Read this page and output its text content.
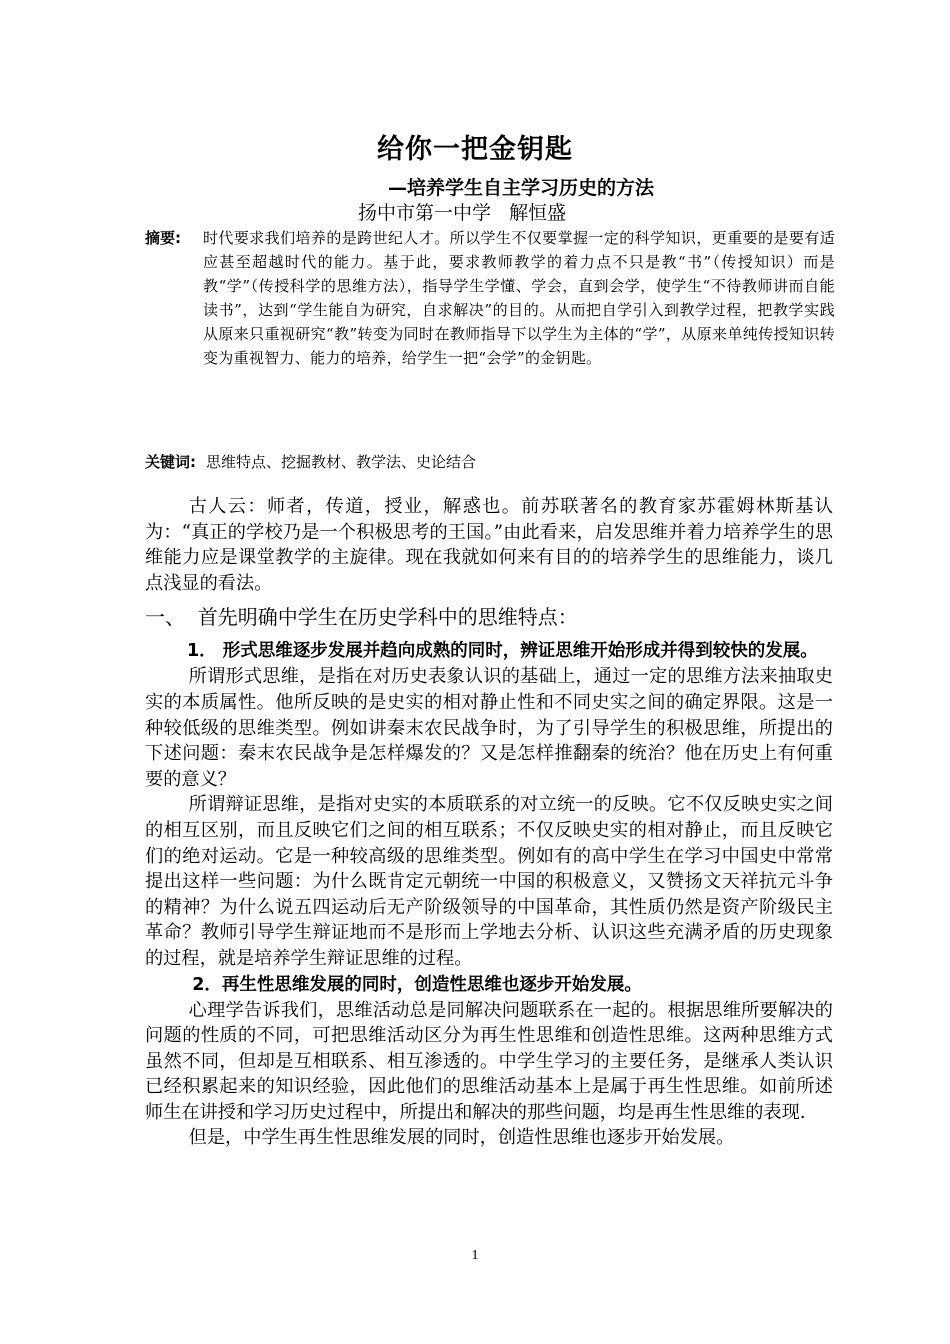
给你一把金钥匙
—培养学生自主学习历史的方法
扬中市第一中学   解恒盛
摘要: 时代要求我们培养的是跨世纪人才。所以学生不仅要掌握一定的科学知识，更重要的是要有适应甚至超越时代的能力。基于此，要求教师教学的着力点不只是教“书”（传授知识）而是教“学”（传授科学的思维方法），指导学生学懂、学会，直到会学，使学生“不待教师讲而自能读书”，达到“学生能自为研究，自求解决”的目的。从而把自学引入到教学过程，把教学实践从原来只重视研究“教”转变为同时在教师指导下以学生为主体的“学”，从原来单纯传授知识转变为重视智力、能力的培养，给学生一把“会学”的金钥匙。
关键词: 思维特点、挖掘教材、教学法、史论结合

古人云：师者，传道，授业，解惑也。前苏联著名的教育家苏霍姆林斯基认为：“真正的学校乃是一个积极思考的王国。”由此看来，启发思维并着力培养学生的思维能力应是课堂教学的主旋律。现在我就如何来有目的的培养学生的思维能力，谈几点浅显的看法。

一、  首先明确中学生在历史学科中的思维特点：
1． 形式思维逐步发展并趋向成熟的同时，辨证思维开始形成并得到较快的发展。

所谓形式思维，是指在对历史表象认识的基础上，通过一定的思维方法来抽取史实的本质属性。他所反映的是史实的相对静止性和不同史实之间的确定界限。这是一种较低级的思维类型。例如讲秦末农民战争时，为了引导学生的积极思维，所提出的下述问题：秦末农民战争是怎样爆发的？又是怎样推翻秦的统治？他在历史上有何重要的意义？

所谓辩证思维，是指对史实的本质联系的对立统一的反映。它不仅反映史实之间的相互区别，而且反映它们之间的相互联系；不仅反映史实的相对静止，而且反映它们的绝对运动。它是一种较高级的思维类型。例如有的高中学生在学习中国史中常常提出这样一些问题：为什么既肯定元朝统一中国的积极意义，又赞扬文天祥抗元斗争的精神？为什么说五四运动后无产阶级领导的中国革命，其性质仍然是资产阶级民主革命？教师引导学生辩证地而不是形而上学地去分析、认识这些充满矛盾的历史现象的过程，就是培养学生辩证思维的过程。

2．再生性思维发展的同时，创造性思维也逐步开始发展。

心理学告诉我们，思维活动总是同解决问题联系在一起的。根据思维所要解决的问题的性质的不同，可把思维活动区分为再生性思维和创造性思维。这两种思维方式虽然不同，但却是互相联系、相互渗透的。中学生学习的主要任务，是继承人类认识已经积累起来的知识经验，因此他们的思维活动基本上是属于再生性思维。如前所述师生在讲授和学习历史过程中，所提出和解决的那些问题，均是再生性思维的表现.

但是，中学生再生性思维发展的同时，创造性思维也逐步开始发展。

1
